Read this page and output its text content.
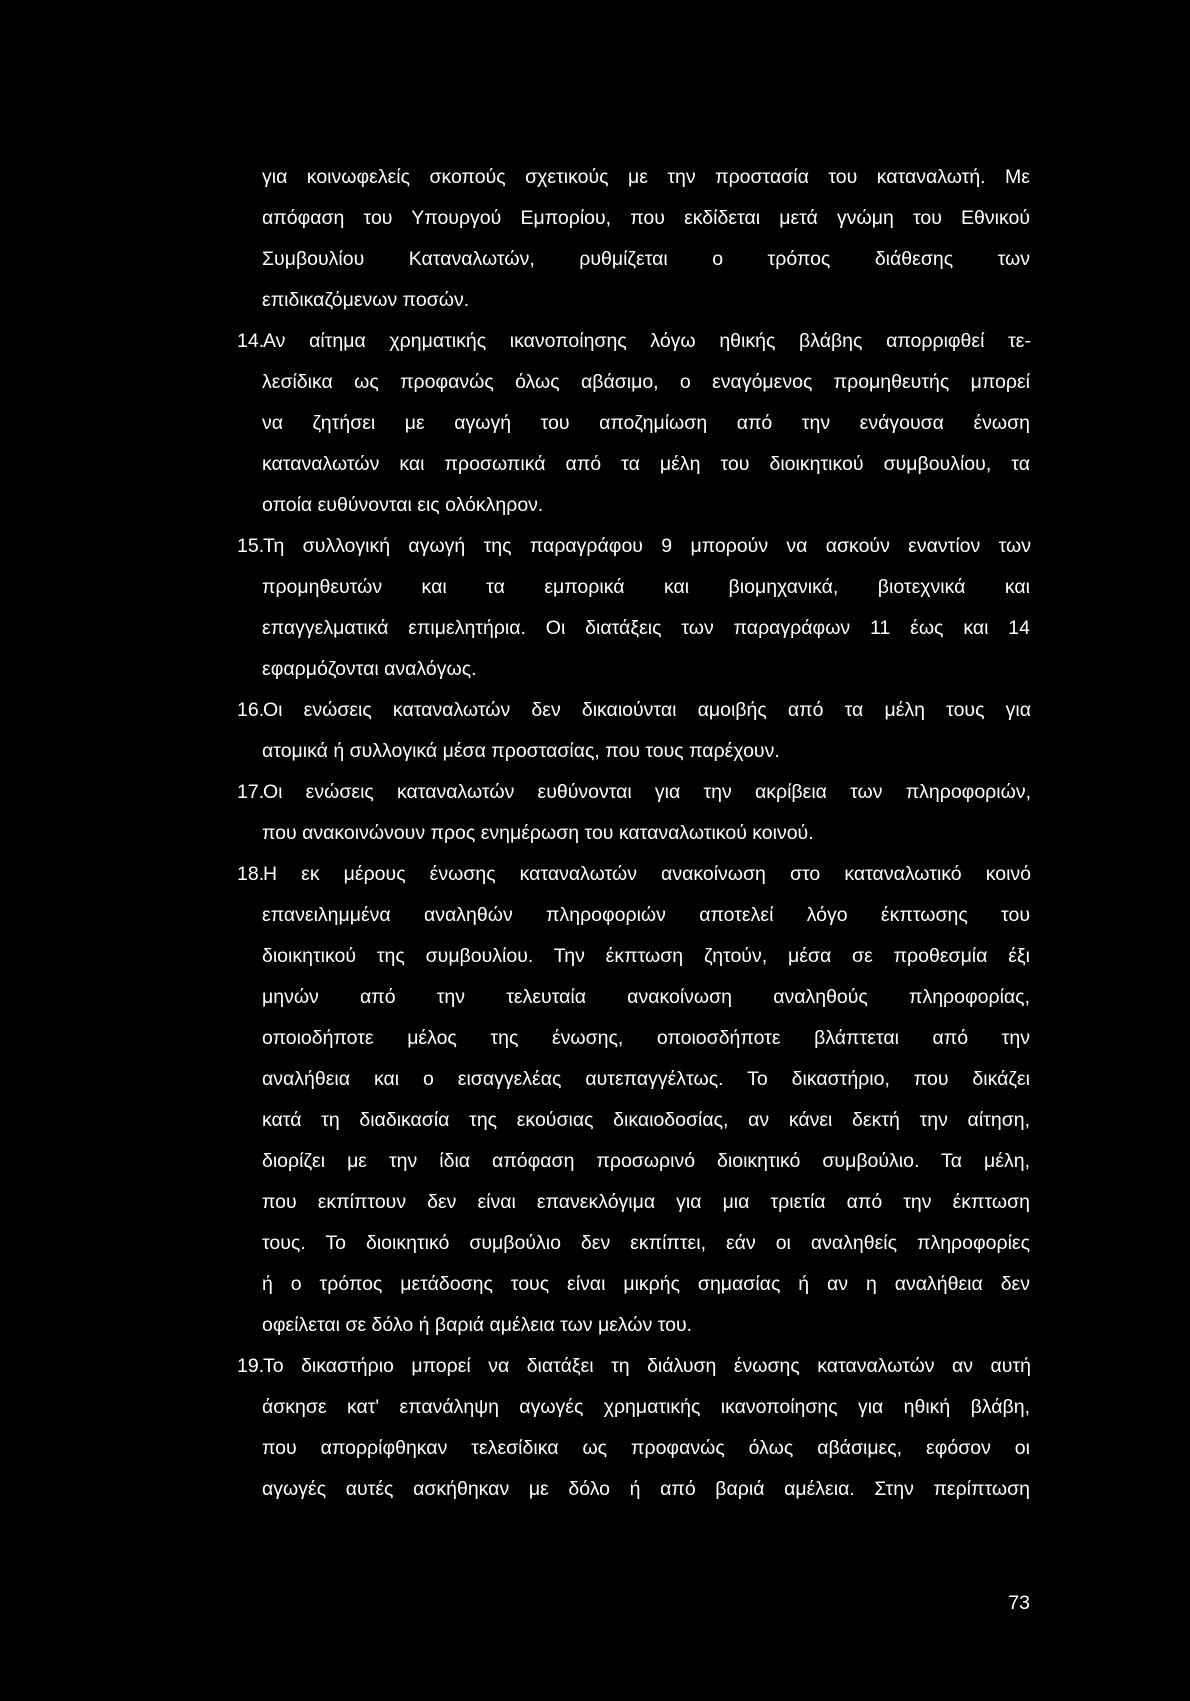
για κοινωφελείς σκοπούς σχετικούς με την προστασία του καταναλωτή. Με
απόφαση του Υπουργού Εμπορίου, που εκδίδεται μετά γνώμη του Εθνικού
Συμβουλίου Καταναλωτών, ρυθμίζεται ο τρόπος διάθεσης των
επιδικαζόμενων ποσών.
14.
Αν αίτημα χρηματικής ικανοποίησης λόγω ηθικής βλάβης απορριφθεί τε-
λεσίδικα ως προφανώς όλως αβάσιμο, ο εναγόμενος προμηθευτής μπορεί
να ζητήσει με αγωγή του αποζημίωση από την ενάγουσα ένωση
καταναλωτών και προσωπικά από τα μέλη του διοικητικού συμβουλίου, τα
οποία ευθύνονται εις ολόκληρον.
15.
Τη συλλογική αγωγή της παραγράφου 9 μπορούν να ασκούν εναντίον των
προμηθευτών και τα εμπορικά και βιομηχανικά, βιοτεχνικά και
επαγγελματικά επιμελητήρια. Οι διατάξεις των παραγράφων 11 έως και 14
εφαρμόζονται αναλόγως.
16.
Οι ενώσεις καταναλωτών δεν δικαιούνται αμοιβής από τα μέλη τους για
ατομικά ή συλλογικά μέσα προστασίας, που τους παρέχουν.
17.
Οι ενώσεις καταναλωτών ευθύνονται για την ακρίβεια των πληροφοριών,
που ανακοινώνουν προς ενημέρωση του καταναλωτικού κοινού.
18.
Η εκ μέρους ένωσης καταναλωτών ανακοίνωση στο καταναλωτικό κοινό
επανειλημμένα αναληθών πληροφοριών αποτελεί λόγο έκπτωσης του
διοικητικού της συμβουλίου. Την έκπτωση ζητούν, μέσα σε προθεσμία έξι
μηνών από την τελευταία ανακοίνωση αναληθούς πληροφορίας,
οποιοδήποτε μέλος της ένωσης, οποιοσδήποτε βλάπτεται από την
αναλήθεια και ο εισαγγελέας αυτεπαγγέλτως. Το δικαστήριο, που δικάζει
κατά τη διαδικασία της εκούσιας δικαιοδοσίας, αν κάνει δεκτή την αίτηση,
διορίζει με την ίδια απόφαση προσωρινό διοικητικό συμβούλιο. Τα μέλη,
που εκπίπτουν δεν είναι επανεκλόγιμα για μια τριετία από την έκπτωση
τους. Το διοικητικό συμβούλιο δεν εκπίπτει, εάν οι αναληθείς πληροφορίες
ή ο τρόπος μετάδοσης τους είναι μικρής σημασίας ή αν η αναλήθεια δεν
οφείλεται σε δόλο ή βαριά αμέλεια των μελών του.
19.
Το δικαστήριο μπορεί να διατάξει τη διάλυση ένωσης καταναλωτών αν αυτή
άσκησε κατ' επανάληψη αγωγές χρηματικής ικανοποίησης για ηθική βλάβη,
που απορρίφθηκαν τελεσίδικα ως προφανώς όλως αβάσιμες, εφόσον οι
αγωγές αυτές ασκήθηκαν με δόλο ή από βαριά αμέλεια. Στην περίπτωση
73
